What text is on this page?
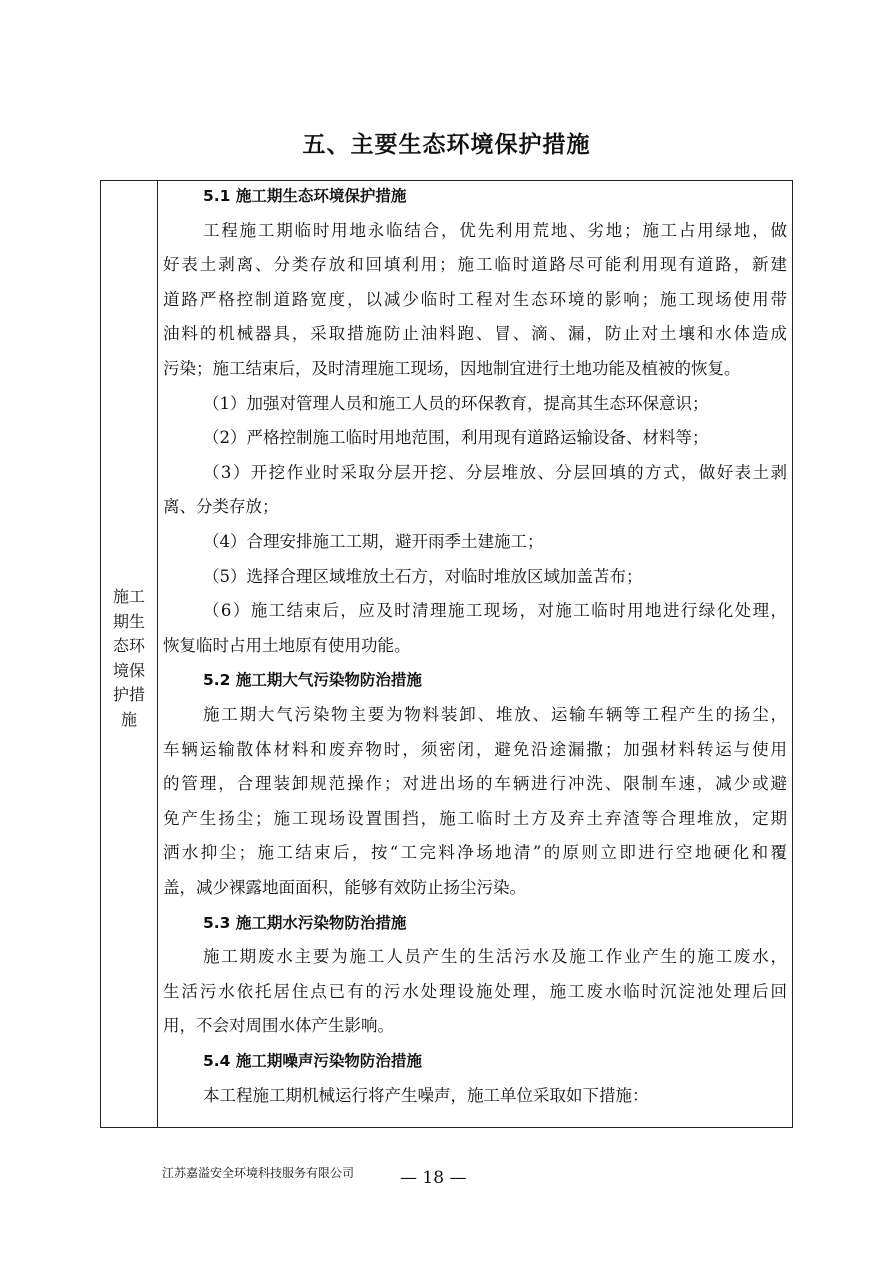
五、主要生态环境保护措施
施工期生态环境保护措施
5.1 施工期生态环境保护措施
工程施工期临时用地永临结合，优先利用荒地、劣地；施工占用绿地，做
好表土剥离、分类存放和回填利用；施工临时道路尽可能利用现有道路，新建
道路严格控制道路宽度，以减少临时工程对生态环境的影响；施工现场使用带
油料的机械器具，采取措施防止油料跑、冒、滴、漏，防止对土壤和水体造成
污染；施工结束后，及时清理施工现场，因地制宜进行土地功能及植被的恢复。
（1）加强对管理人员和施工人员的环保教育，提高其生态环保意识；
（2）严格控制施工临时用地范围，利用现有道路运输设备、材料等；
（3）开挖作业时采取分层开挖、分层堆放、分层回填的方式，做好表土剥
离、分类存放；
（4）合理安排施工工期，避开雨季土建施工；
（5）选择合理区域堆放土石方，对临时堆放区域加盖苫布；
（6）施工结束后，应及时清理施工现场，对施工临时用地进行绿化处理，
恢复临时占用土地原有使用功能。
5.2 施工期大气污染物防治措施
施工期大气污染物主要为物料装卸、堆放、运输车辆等工程产生的扬尘，
车辆运输散体材料和废弃物时，须密闭，避免沿途漏撒；加强材料转运与使用
的管理，合理装卸规范操作；对进出场的车辆进行冲洗、限制车速，减少或避
免产生扬尘；施工现场设置围挡，施工临时土方及弃土弃渣等合理堆放，定期
洒水抑尘；施工结束后，按“工完料净场地清”的原则立即进行空地硬化和覆
盖，减少裸露地面面积，能够有效防止扬尘污染。
5.3 施工期水污染物防治措施
施工期废水主要为施工人员产生的生活污水及施工作业产生的施工废水，
生活污水依托居住点已有的污水处理设施处理，施工废水临时沉淀池处理后回
用，不会对周围水体产生影响。
5.4 施工期噪声污染物防治措施
本工程施工期机械运行将产生噪声，施工单位采取如下措施：
江苏嘉溢安全环境科技服务有限公司	— 18 —
